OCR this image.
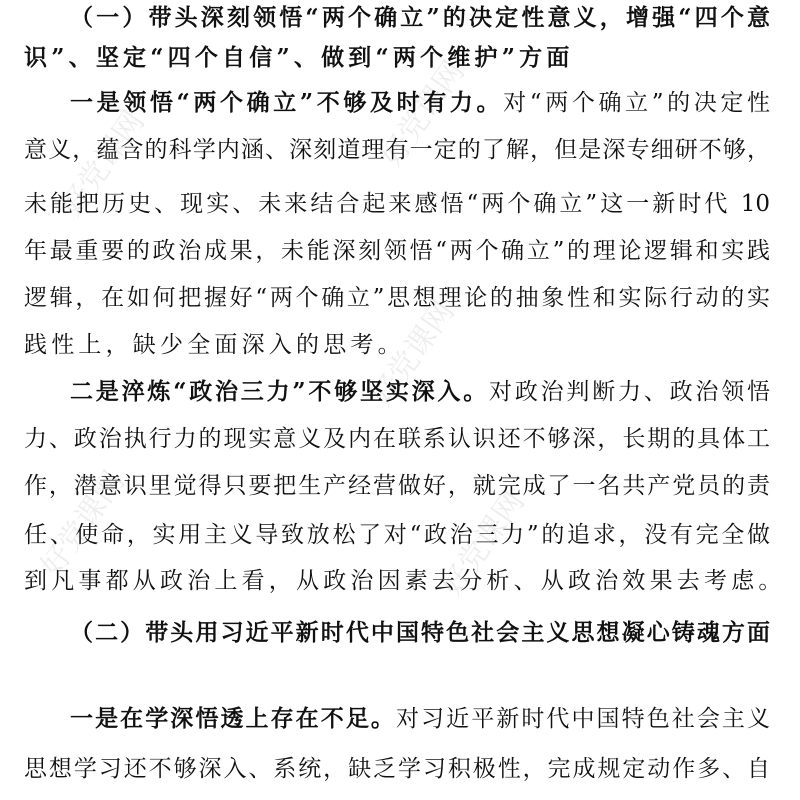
好党课网	好党课网
好党课网
好党课网
好党课网
（一）带头深刻领悟“两个确立”的决定性意义，增强“四个意
识”、坚定“四个自信”、做到“两个维护”方面
一是领悟“两个确立”不够及时有力。对“两个确立”的决定性
意义，蕴含的科学内涵、深刻道理有一定的了解，但是深专细研不够，
未能把历史、现实、未来结合起来感悟“两个确立”这一新时代 10
年最重要的政治成果，未能深刻领悟“两个确立”的理论逻辑和实践
逻辑，在如何把握好“两个确立”思想理论的抽象性和实际行动的实
践性上，缺少全面深入的思考。
二是淬炼“政治三力”不够坚实深入。对政治判断力、政治领悟
力、政治执行力的现实意义及内在联系认识还不够深，长期的具体工
作，潜意识里觉得只要把生产经营做好，就完成了一名共产党员的责
任、使命，实用主义导致放松了对“政治三力”的追求，没有完全做
到凡事都从政治上看，从政治因素去分析、从政治效果去考虑。
（二）带头用习近平新时代中国特色社会主义思想凝心铸魂方面
一是在学深悟透上存在不足。对习近平新时代中国特色社会主义
思想学习还不够深入、系统，缺乏学习积极性，完成规定动作多、自
